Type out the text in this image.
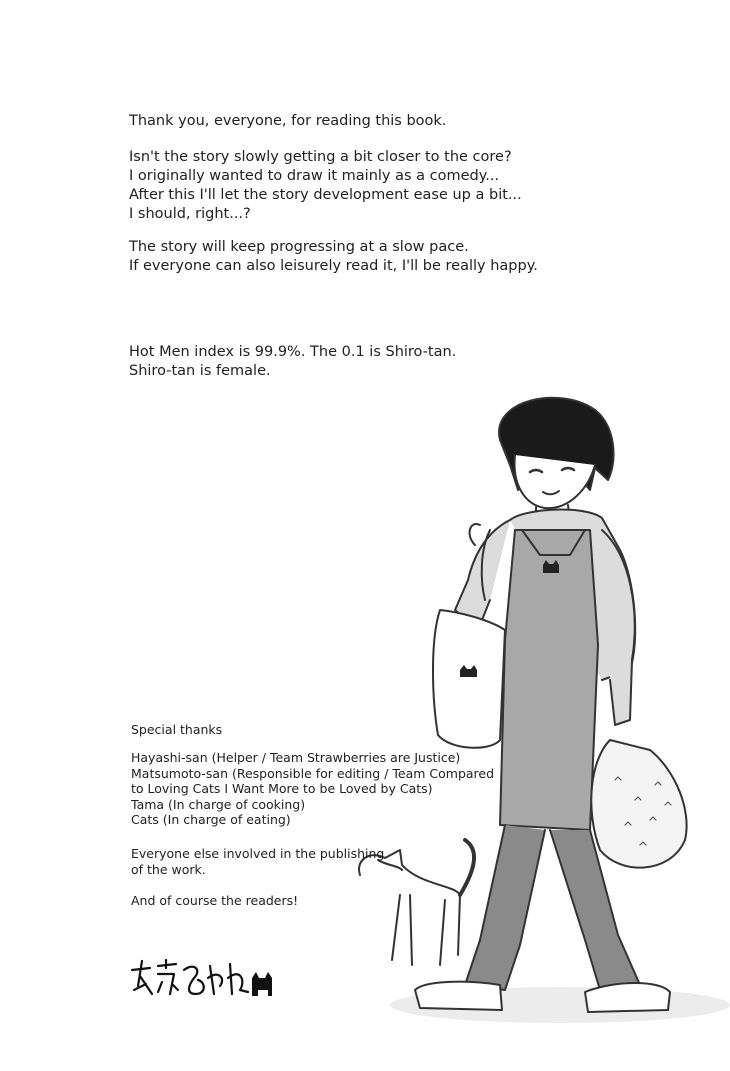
Thank you, everyone, for reading this book.
Isn't the story slowly getting a bit closer to the core?
I originally wanted to draw it mainly as a comedy...
After this I'll let the story development ease up a bit...
I should, right...?
The story will keep progressing at a slow pace.
If everyone can also leisurely read it, I'll be really happy.
Hot Men index is 99.9%. The 0.1 is Shiro-tan.
Shiro-tan is female.
Special thanks
Hayashi-san (Helper / Team Strawberries are Justice)
Matsumoto-san (Responsible for editing / Team Compared
to Loving Cats I Want More to be Loved by Cats)
Tama (In charge of cooking)
Cats (In charge of eating)
Everyone else involved in the publishing
of the work.
And of course the readers!
